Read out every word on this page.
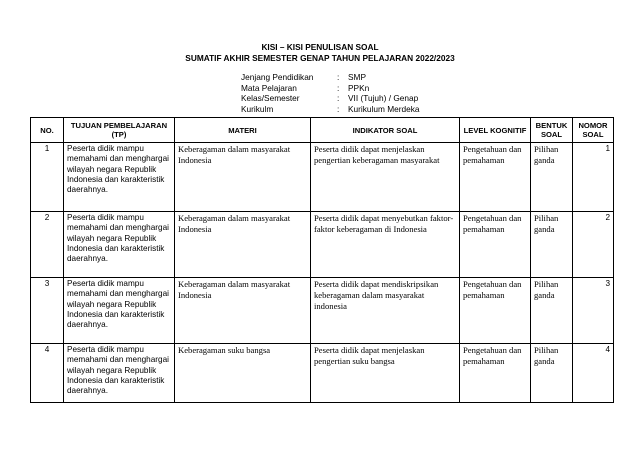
KISI – KISI PENULISAN SOAL
SUMATIF AKHIR SEMESTER GENAP TAHUN PELAJARAN 2022/2023
Jenjang Pendidikan	:	SMP
Mata Pelajaran	:	PPKn
Kelas/Semester	:	VII (Tujuh) / Genap
Kurikulm	:	Kurikulum Merdeka
NO.	TUJUAN PEMBELAJARAN (TP)	MATERI	INDIKATOR SOAL	LEVEL KOGNITIF	BENTUK SOAL	NOMOR SOAL
1	Peserta didik mampu memahami dan menghargai wilayah negara Republik Indonesia dan karakteristik daerahnya.	Keberagaman dalam masyarakat Indonesia	Peserta didik dapat menjelaskan pengertian keberagaman masyarakat	Pengetahuan dan pemahaman	Pilihan ganda	1
2	Peserta didik mampu memahami dan menghargai wilayah negara Republik Indonesia dan karakteristik daerahnya.	Keberagaman dalam masyarakat Indonesia	Peserta didik dapat menyebutkan faktor-faktor keberagaman di Indonesia	Pengetahuan dan pemahaman	Pilihan ganda	2
3	Peserta didik mampu memahami dan menghargai wilayah negara Republik Indonesia dan karakteristik daerahnya.	Keberagaman dalam masyarakat Indonesia	Peserta didik dapat mendiskripsikan keberagaman dalam masyarakat indonesia	Pengetahuan dan pemahaman	Pilihan ganda	3
4	Peserta didik mampu memahami dan menghargai wilayah negara Republik Indonesia dan karakteristik daerahnya.	Keberagaman suku bangsa	Peserta didik dapat menjelaskan pengertian suku bangsa	Pengetahuan dan pemahaman	Pilihan ganda	4
